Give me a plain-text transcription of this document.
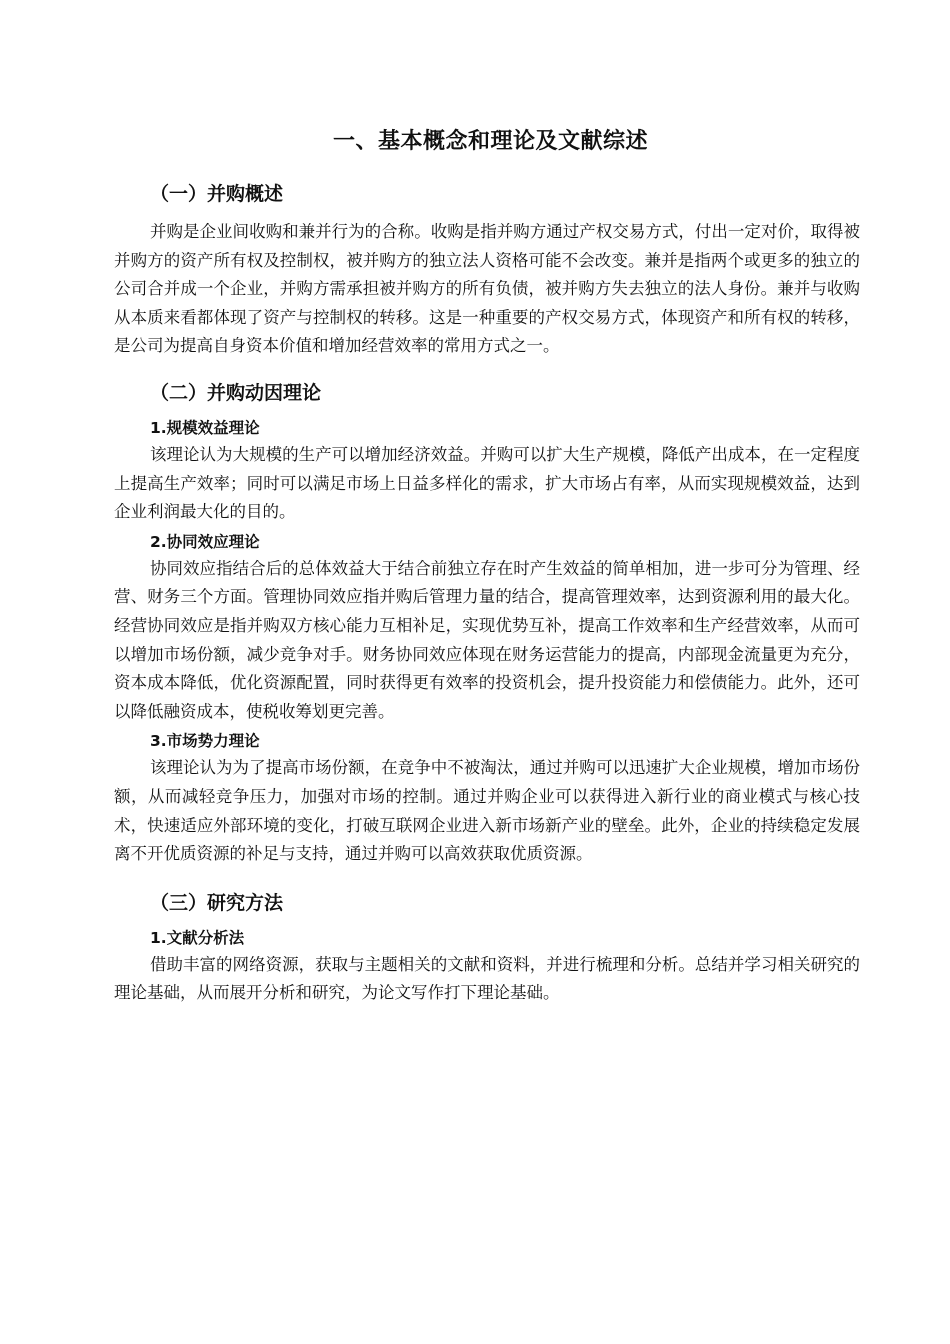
一、基本概念和理论及文献综述
（一）并购概述

并购是企业间收购和兼并行为的合称。收购是指并购方通过产权交易方式，付出一定对价，取得被并购方的资产所有权及控制权，被并购方的独立法人资格可能不会改变。兼并是指两个或更多的独立的公司合并成一个企业，并购方需承担被并购方的所有负债，被并购方失去独立的法人身份。兼并与收购从本质来看都体现了资产与控制权的转移。这是一种重要的产权交易方式，体现资产和所有权的转移，是公司为提高自身资本价值和增加经营效率的常用方式之一。

（二）并购动因理论
1.规模效益理论

该理论认为大规模的生产可以增加经济效益。并购可以扩大生产规模，降低产出成本，在一定程度上提高生产效率；同时可以满足市场上日益多样化的需求，扩大市场占有率，从而实现规模效益，达到企业利润最大化的目的。

2.协同效应理论

协同效应指结合后的总体效益大于结合前独立存在时产生效益的简单相加，进一步可分为管理、经营、财务三个方面。管理协同效应指并购后管理力量的结合，提高管理效率，达到资源利用的最大化。经营协同效应是指并购双方核心能力互相补足，实现优势互补，提高工作效率和生产经营效率，从而可以增加市场份额，减少竞争对手。财务协同效应体现在财务运营能力的提高，内部现金流量更为充分，资本成本降低，优化资源配置，同时获得更有效率的投资机会，提升投资能力和偿债能力。此外，还可以降低融资成本，使税收筹划更完善。

3.市场势力理论

该理论认为为了提高市场份额，在竞争中不被淘汰，通过并购可以迅速扩大企业规模，增加市场份额，从而减轻竞争压力，加强对市场的控制。通过并购企业可以获得进入新行业的商业模式与核心技术，快速适应外部环境的变化，打破互联网企业进入新市场新产业的壁垒。此外，企业的持续稳定发展离不开优质资源的补足与支持，通过并购可以高效获取优质资源。

（三）研究方法
1.文献分析法

借助丰富的网络资源，获取与主题相关的文献和资料，并进行梳理和分析。总结并学习相关研究的理论基础，从而展开分析和研究，为论文写作打下理论基础。
